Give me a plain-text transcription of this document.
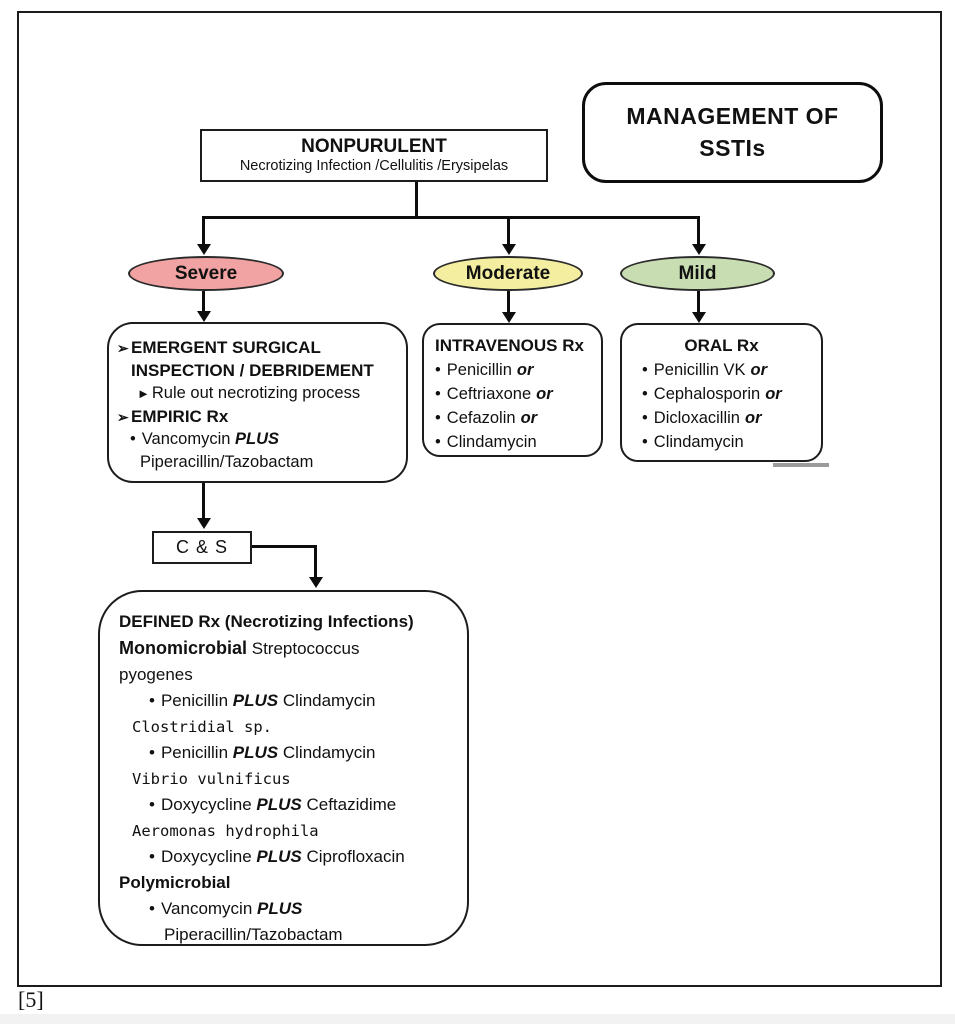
MANAGEMENT OF
SSTIs
NONPURULENT
Necrotizing Infection /Cellulitis /Erysipelas
Severe	Moderate	Mild
➢ EMERGENT SURGICAL
INSPECTION / DEBRIDEMENT
► Rule out necrotizing process
➢ EMPIRIC Rx
• Vancomycin PLUS
Piperacillin/Tazobactam
INTRAVENOUS Rx
• Penicillin or
• Ceftriaxone or
• Cefazolin or
• Clindamycin
ORAL Rx
• Penicillin VK or
• Cephalosporin or
• Dicloxacillin or
• Clindamycin
C & S
DEFINED Rx (Necrotizing Infections)
Monomicrobial Streptococcus
pyogenes
• Penicillin PLUS Clindamycin
Clostridial sp.
• Penicillin PLUS Clindamycin
Vibrio vulnificus
• Doxycycline PLUS Ceftazidime
Aeromonas hydrophila
• Doxycycline PLUS Ciprofloxacin
Polymicrobial
• Vancomycin PLUS
Piperacillin/Tazobactam
[5]
